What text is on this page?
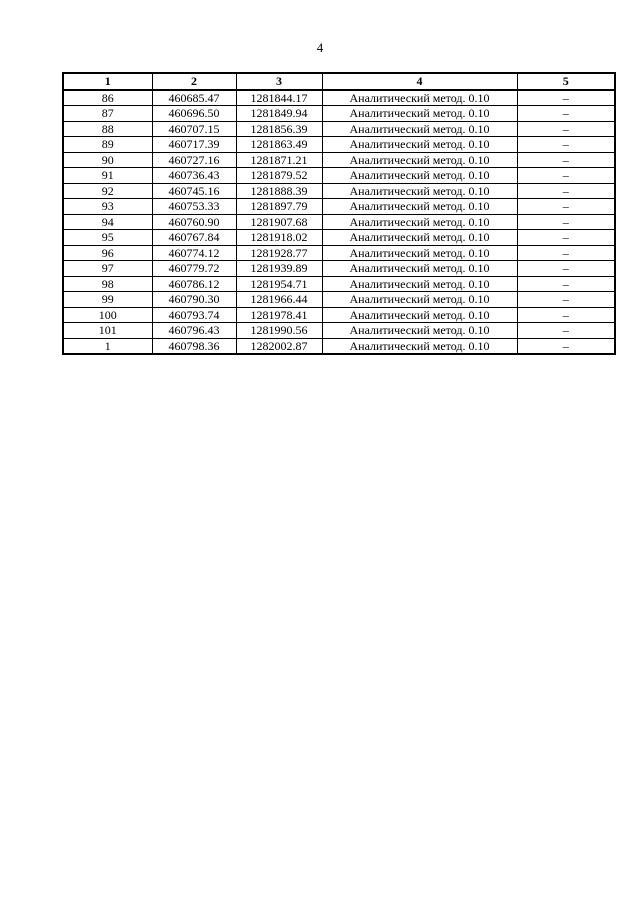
4
1	2	3	4	5
86	460685.47	1281844.17	Аналитический метод. 0.10	–
87	460696.50	1281849.94	Аналитический метод. 0.10	–
88	460707.15	1281856.39	Аналитический метод. 0.10	–
89	460717.39	1281863.49	Аналитический метод. 0.10	–
90	460727.16	1281871.21	Аналитический метод. 0.10	–
91	460736.43	1281879.52	Аналитический метод. 0.10	–
92	460745.16	1281888.39	Аналитический метод. 0.10	–
93	460753.33	1281897.79	Аналитический метод. 0.10	–
94	460760.90	1281907.68	Аналитический метод. 0.10	–
95	460767.84	1281918.02	Аналитический метод. 0.10	–
96	460774.12	1281928.77	Аналитический метод. 0.10	–
97	460779.72	1281939.89	Аналитический метод. 0.10	–
98	460786.12	1281954.71	Аналитический метод. 0.10	–
99	460790.30	1281966.44	Аналитический метод. 0.10	–
100	460793.74	1281978.41	Аналитический метод. 0.10	–
101	460796.43	1281990.56	Аналитический метод. 0.10	–
1	460798.36	1282002.87	Аналитический метод. 0.10	–
